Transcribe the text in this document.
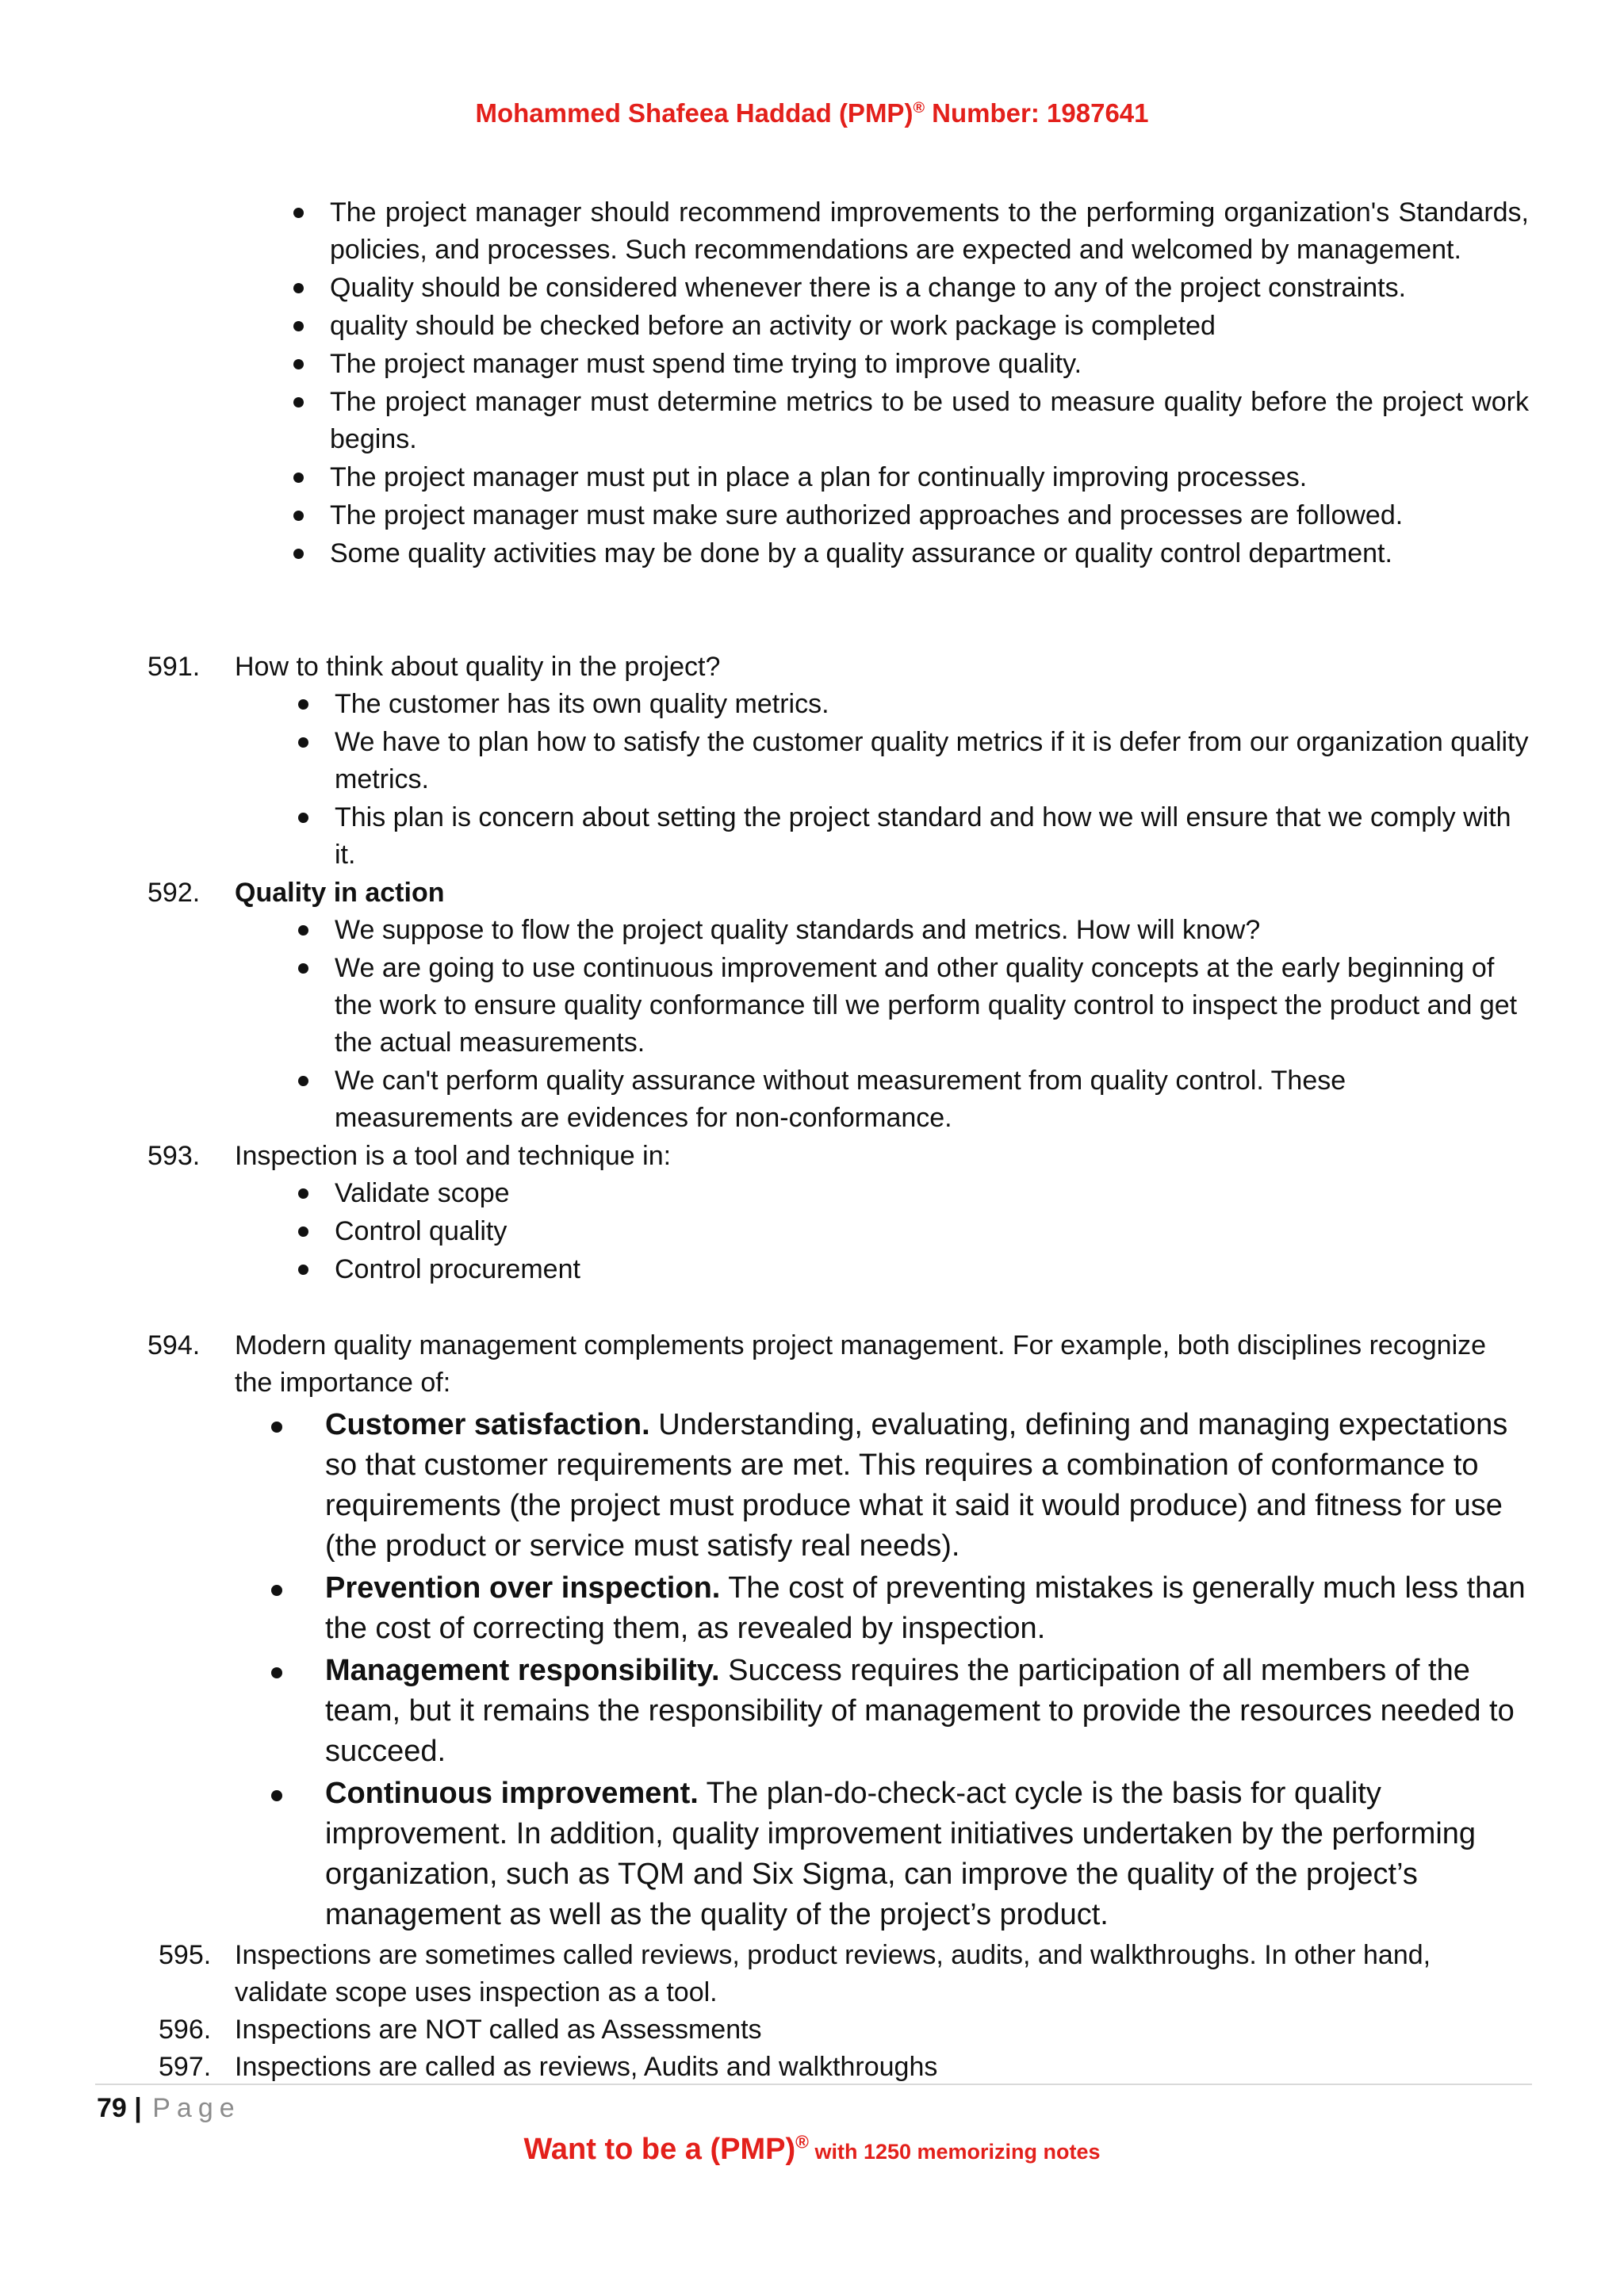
Mohammed Shafeea Haddad (PMP)® Number: 1987641
The project manager should recommend improvements to the performing organization's Standards, policies, and processes. Such recommendations are expected and welcomed by management.
Quality should be considered whenever there is a change to any of the project constraints.
quality should be checked before an activity or work package is completed
The project manager must spend time trying to improve quality.
The project manager must determine metrics to be used to measure quality before the project work begins.
The project manager must put in place a plan for continually improving processes.
The project manager must make sure authorized approaches and processes are followed.
Some quality activities may be done by a quality assurance or quality control department.
591. How to think about quality in the project?
The customer has its own quality metrics.
We have to plan how to satisfy the customer quality metrics if it is defer from our organization quality metrics.
This plan is concern about setting the project standard and how we will ensure that we comply with it.
592. Quality in action
We suppose to flow the project quality standards and metrics. How will know?
We are going to use continuous improvement and other quality concepts at the early beginning of the work to ensure quality conformance till we perform quality control to inspect the product and get the actual measurements.
We can't perform quality assurance without measurement from quality control. These measurements are evidences for non-conformance.
593. Inspection is a tool and technique in:
Validate scope
Control quality
Control procurement
594. Modern quality management complements project management. For example, both disciplines recognize the importance of:
Customer satisfaction. Understanding, evaluating, defining and managing expectations so that customer requirements are met. This requires a combination of conformance to requirements (the project must produce what it said it would produce) and fitness for use (the product or service must satisfy real needs).
Prevention over inspection. The cost of preventing mistakes is generally much less than the cost of correcting them, as revealed by inspection.
Management responsibility. Success requires the participation of all members of the team, but it remains the responsibility of management to provide the resources needed to succeed.
Continuous improvement. The plan-do-check-act cycle is the basis for quality improvement. In addition, quality improvement initiatives undertaken by the performing organization, such as TQM and Six Sigma, can improve the quality of the project’s management as well as the quality of the project’s product.
595. Inspections are sometimes called reviews, product reviews, audits, and walkthroughs. In other hand, validate scope uses inspection as a tool.
596. Inspections are NOT called as Assessments
597. Inspections are called as reviews, Audits and walkthroughs
79 | Page
Want to be a (PMP)® with 1250 memorizing notes
